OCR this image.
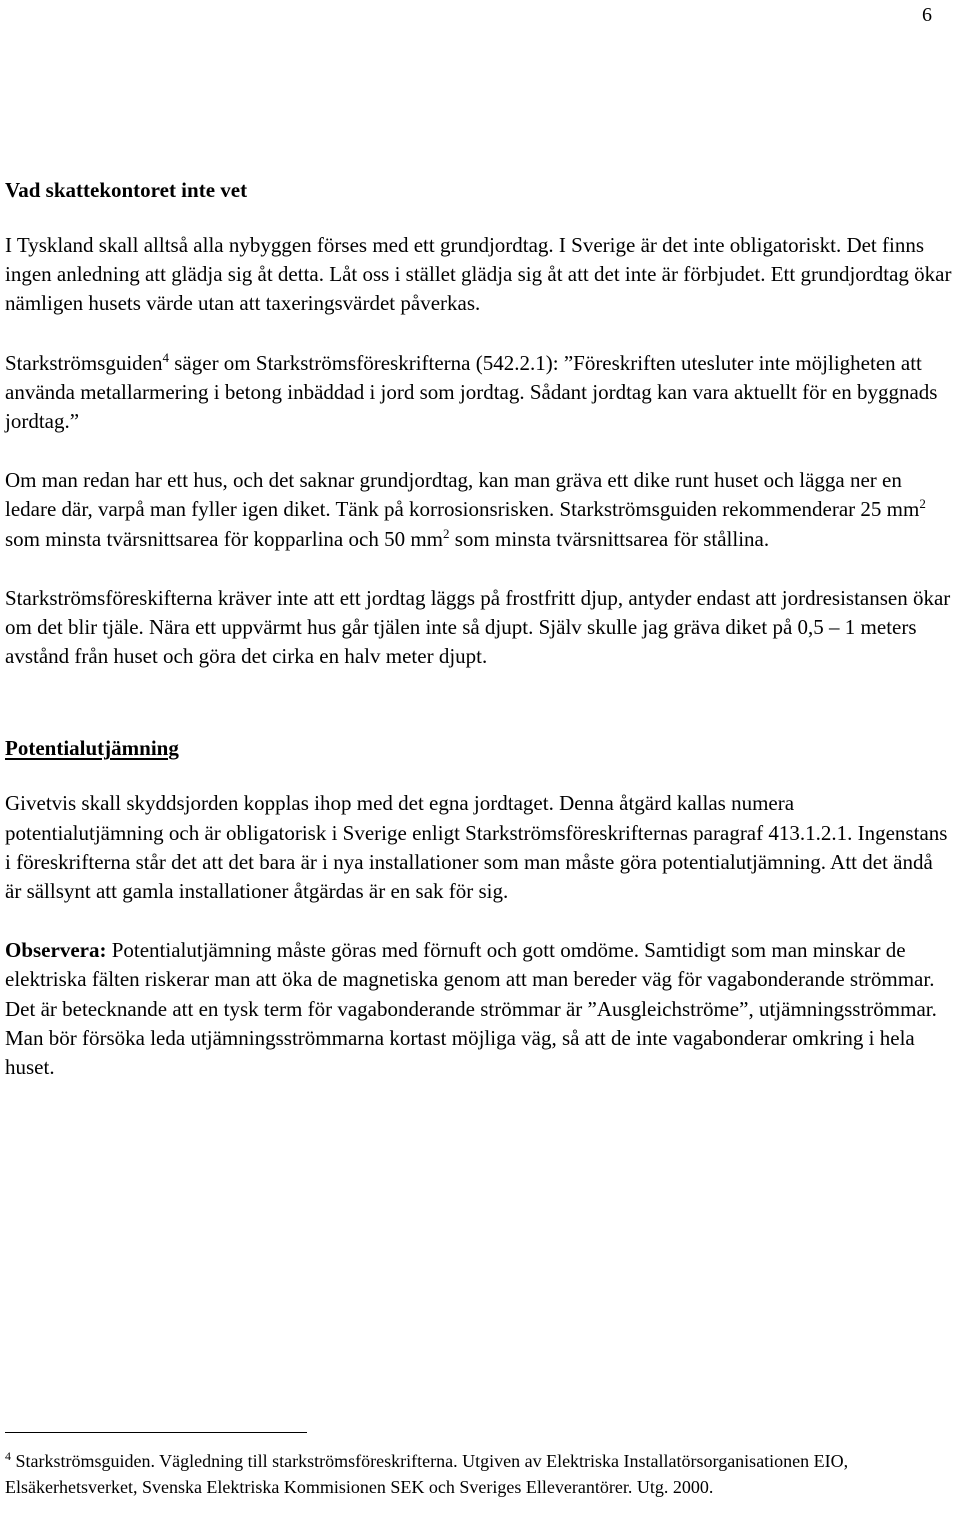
6
Vad skattekontoret inte vet

I Tyskland skall alltså alla nybyggen förses med ett grundjordtag. I Sverige är det inte obligatoriskt. Det finns ingen anledning att glädja sig åt detta. Låt oss i stället glädja sig åt att det inte är förbjudet. Ett grundjordtag ökar nämligen husets värde utan att taxeringsvärdet påverkas.

Starkströmsguiden$^4$ säger om Starkströmsföreskrifterna (542.2.1): ”Föreskriften utesluter inte möjligheten att använda metallarmering i betong inbäddad i jord som jordtag. Sådant jordtag kan vara aktuellt för en byggnads jordtag.”

Om man redan har ett hus, och det saknar grundjordtag, kan man gräva ett dike runt huset och lägga ner en ledare där, varpå man fyller igen diket. Tänk på korrosionsrisken. Starkströmsguiden rekommenderar 25 $mm^2$ som minsta tvärsnittsarea för kopparlina och 50 $mm^2$ som minsta tvärsnittsarea för stållina.

Starkströmsföreskifterna kräver inte att ett jordtag läggs på frostfritt djup, antyder endast att jordresistansen ökar om det blir tjäle. Nära ett uppvärmt hus går tjälen inte så djupt. Själv skulle jag gräva diket på 0,5 – 1 meters avstånd från huset och göra det cirka en halv meter djupt.

Potentialutjämning

Givetvis skall skyddsjorden kopplas ihop med det egna jordtaget. Denna åtgärd kallas numera potentialutjämning och är obligatorisk i Sverige enligt Starkströmsföreskrifternas paragraf 413.1.2.1. Ingenstans i föreskrifterna står det att det bara är i nya installationer som man måste göra potentialutjämning. Att det ändå är sällsynt att gamla installationer åtgärdas är en sak för sig.

Observera: Potentialutjämning måste göras med förnuft och gott omdöme. Samtidigt som man minskar de elektriska fälten riskerar man att öka de magnetiska genom att man bereder väg för vagabonderande strömmar. Det är betecknande att en tysk term för vagabonderande strömmar är ”Ausgleichströme”, utjämningsströmmar. Man bör försöka leda utjämningsströmmarna kortast möjliga väg, så att de inte vagabonderar omkring i hela huset.

$^4$ Starkströmsguiden. Vägledning till starkströmsföreskrifterna. Utgiven av Elektriska Installatörsorganisationen EIO, Elsäkerhetsverket, Svenska Elektriska Kommisionen SEK och Sveriges Elleverantörer. Utg. 2000.
